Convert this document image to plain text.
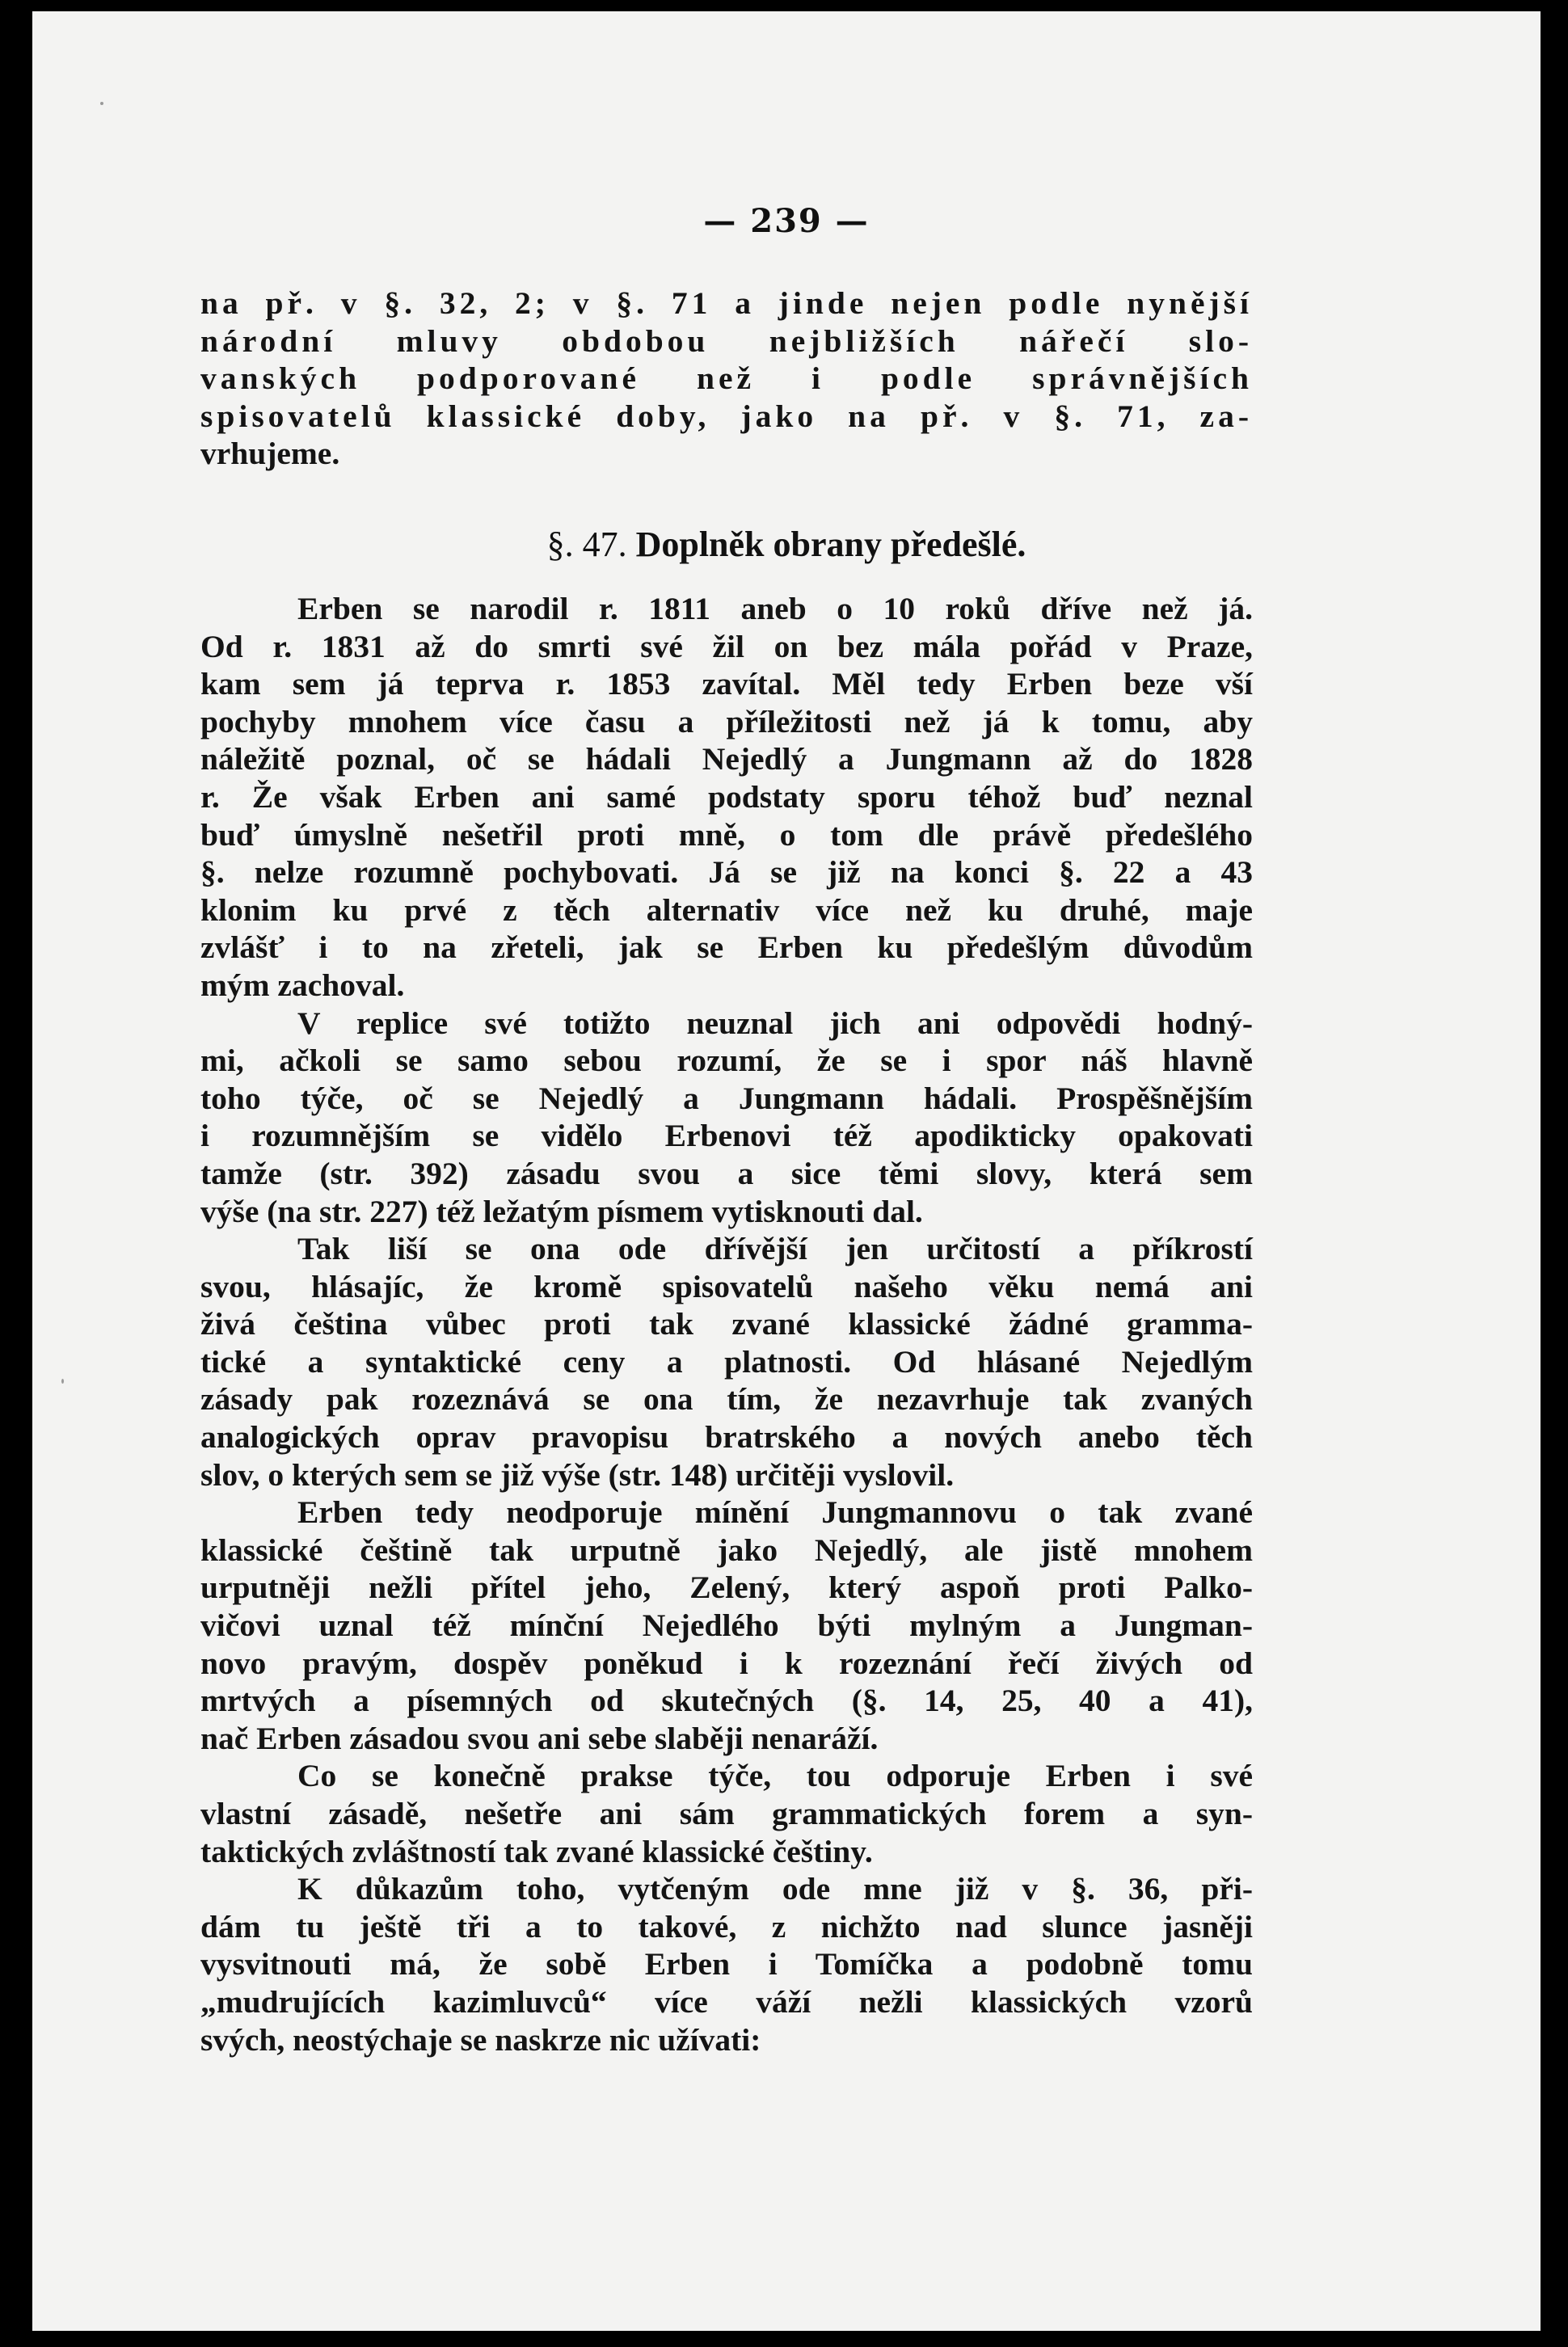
— 239 —
na př. v §. 32, 2; v §. 71 a jinde nejen podle nynější
národní mluvy obdobou nejbližších nářečí slo-
vanských podporované než i podle správnějších
spisovatelů klassické doby, jako na př. v §. 71, za-
vrhujeme.
§. 47. Doplněk obrany předešlé.
Erben se narodil r. 1811 aneb o 10 roků dříve než já.
Od r. 1831 až do smrti své žil on bez mála pořád v Praze,
kam sem já teprva r. 1853 zavítal. Měl tedy Erben beze vší
pochyby mnohem více času a příležitosti než já k tomu, aby
náležitě poznal, oč se hádali Nejedlý a Jungmann až do 1828
r. Že však Erben ani samé podstaty sporu téhož buď neznal
buď úmyslně nešetřil proti mně, o tom dle právě předešlého
§. nelze rozumně pochybovati. Já se již na konci §. 22 a 43
klonim ku prvé z těch alternativ více než ku druhé, maje
zvlášť i to na zřeteli, jak se Erben ku předešlým důvodům
mým zachoval.
V replice své totižto neuznal jich ani odpovědi hodný-
mi, ačkoli se samo sebou rozumí, že se i spor náš hlavně
toho týče, oč se Nejedlý a Jungmann hádali. Prospěšnějším
i rozumnějším se vidělo Erbenovi též apodikticky opakovati
tamže (str. 392) zásadu svou a sice těmi slovy, která sem
výše (na str. 227) též ležatým písmem vytisknouti dal.
Tak liší se ona ode dřívější jen určitostí a příkrostí
svou, hlásajíc, že kromě spisovatelů našeho věku nemá ani
živá čeština vůbec proti tak zvané klassické žádné gramma-
tické a syntaktické ceny a platnosti. Od hlásané Nejedlým
zásady pak rozeznává se ona tím, že nezavrhuje tak zvaných
analogických oprav pravopisu bratrského a nových anebo těch
slov, o kterých sem se již výše (str. 148) určitěji vyslovil.
Erben tedy neodporuje mínění Jungmannovu o tak zvané
klassické češtině tak urputně jako Nejedlý, ale jistě mnohem
urputněji nežli přítel jeho, Zelený, který aspoň proti Palko-
vičovi uznal též mínční Nejedlého býti mylným a Jungman-
novo pravým, dospěv poněkud i k rozeznání řečí živých od
mrtvých a písemných od skutečných (§. 14, 25, 40 a 41),
nač Erben zásadou svou ani sebe slaběji nenaráží.
Co se konečně prakse týče, tou odporuje Erben i své
vlastní zásadě, nešetře ani sám grammatických forem a syn-
taktických zvláštností tak zvané klassické češtiny.
K důkazům toho, vytčeným ode mne již v §. 36, při-
dám tu ještě tři a to takové, z nichžto nad slunce jasněji
vysvitnouti má, že sobě Erben i Tomíčka a podobně tomu
„mudrujících kazimluvců“ více váží nežli klassických vzorů
svých, neostýchaje se naskrze nic užívati:
